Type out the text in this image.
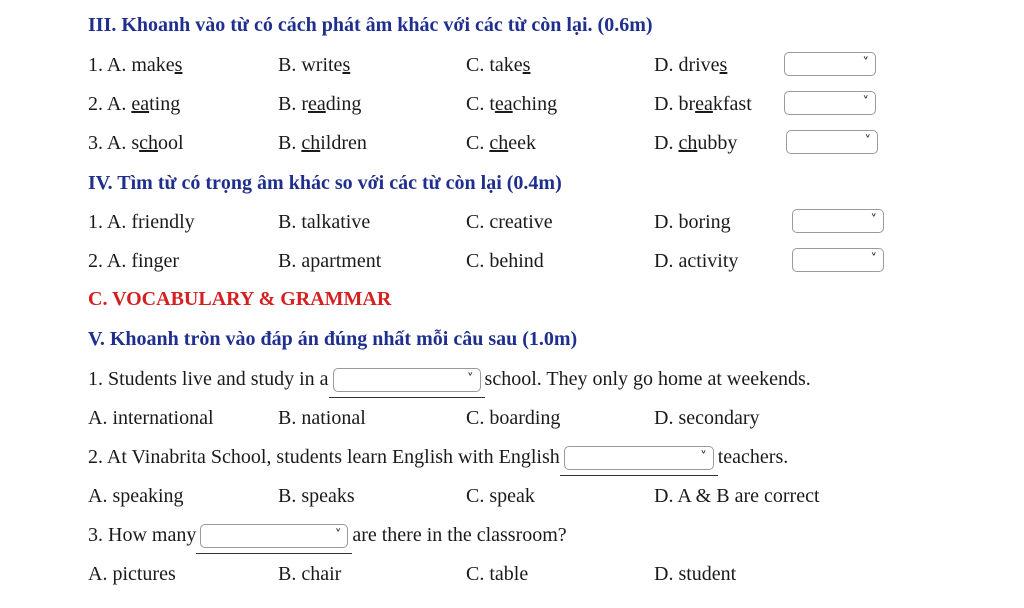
III. Khoanh vào từ có cách phát âm khác với các từ còn lại. (0.6m)
1. A. makes	B. writes	C. takes	D. drives	˅
2. A. eating	B. reading	C. teaching	D. breakfast	˅
3. A. school	B. children	C. cheek	D. chubby	˅
IV. Tìm từ có trọng âm khác so với các từ còn lại (0.4m)
1. A. friendly	B. talkative	C. creative	D. boring	˅
2. A. finger	B. apartment	C. behind	D. activity	˅
C. VOCABULARY & GRAMMAR
V. Khoanh tròn vào đáp án đúng nhất mỗi câu sau (1.0m)
1. Students live and study in a	˅ school. They only go home at weekends.
A. international	B. national	C. boarding	D. secondary
2. At Vinabrita School, students learn English with English	˅ teachers.
A. speaking	B. speaks	C. speak	D. A & B are correct
3. How many	˅ are there in the classroom?
A. pictures	B. chair	C. table	D. student
